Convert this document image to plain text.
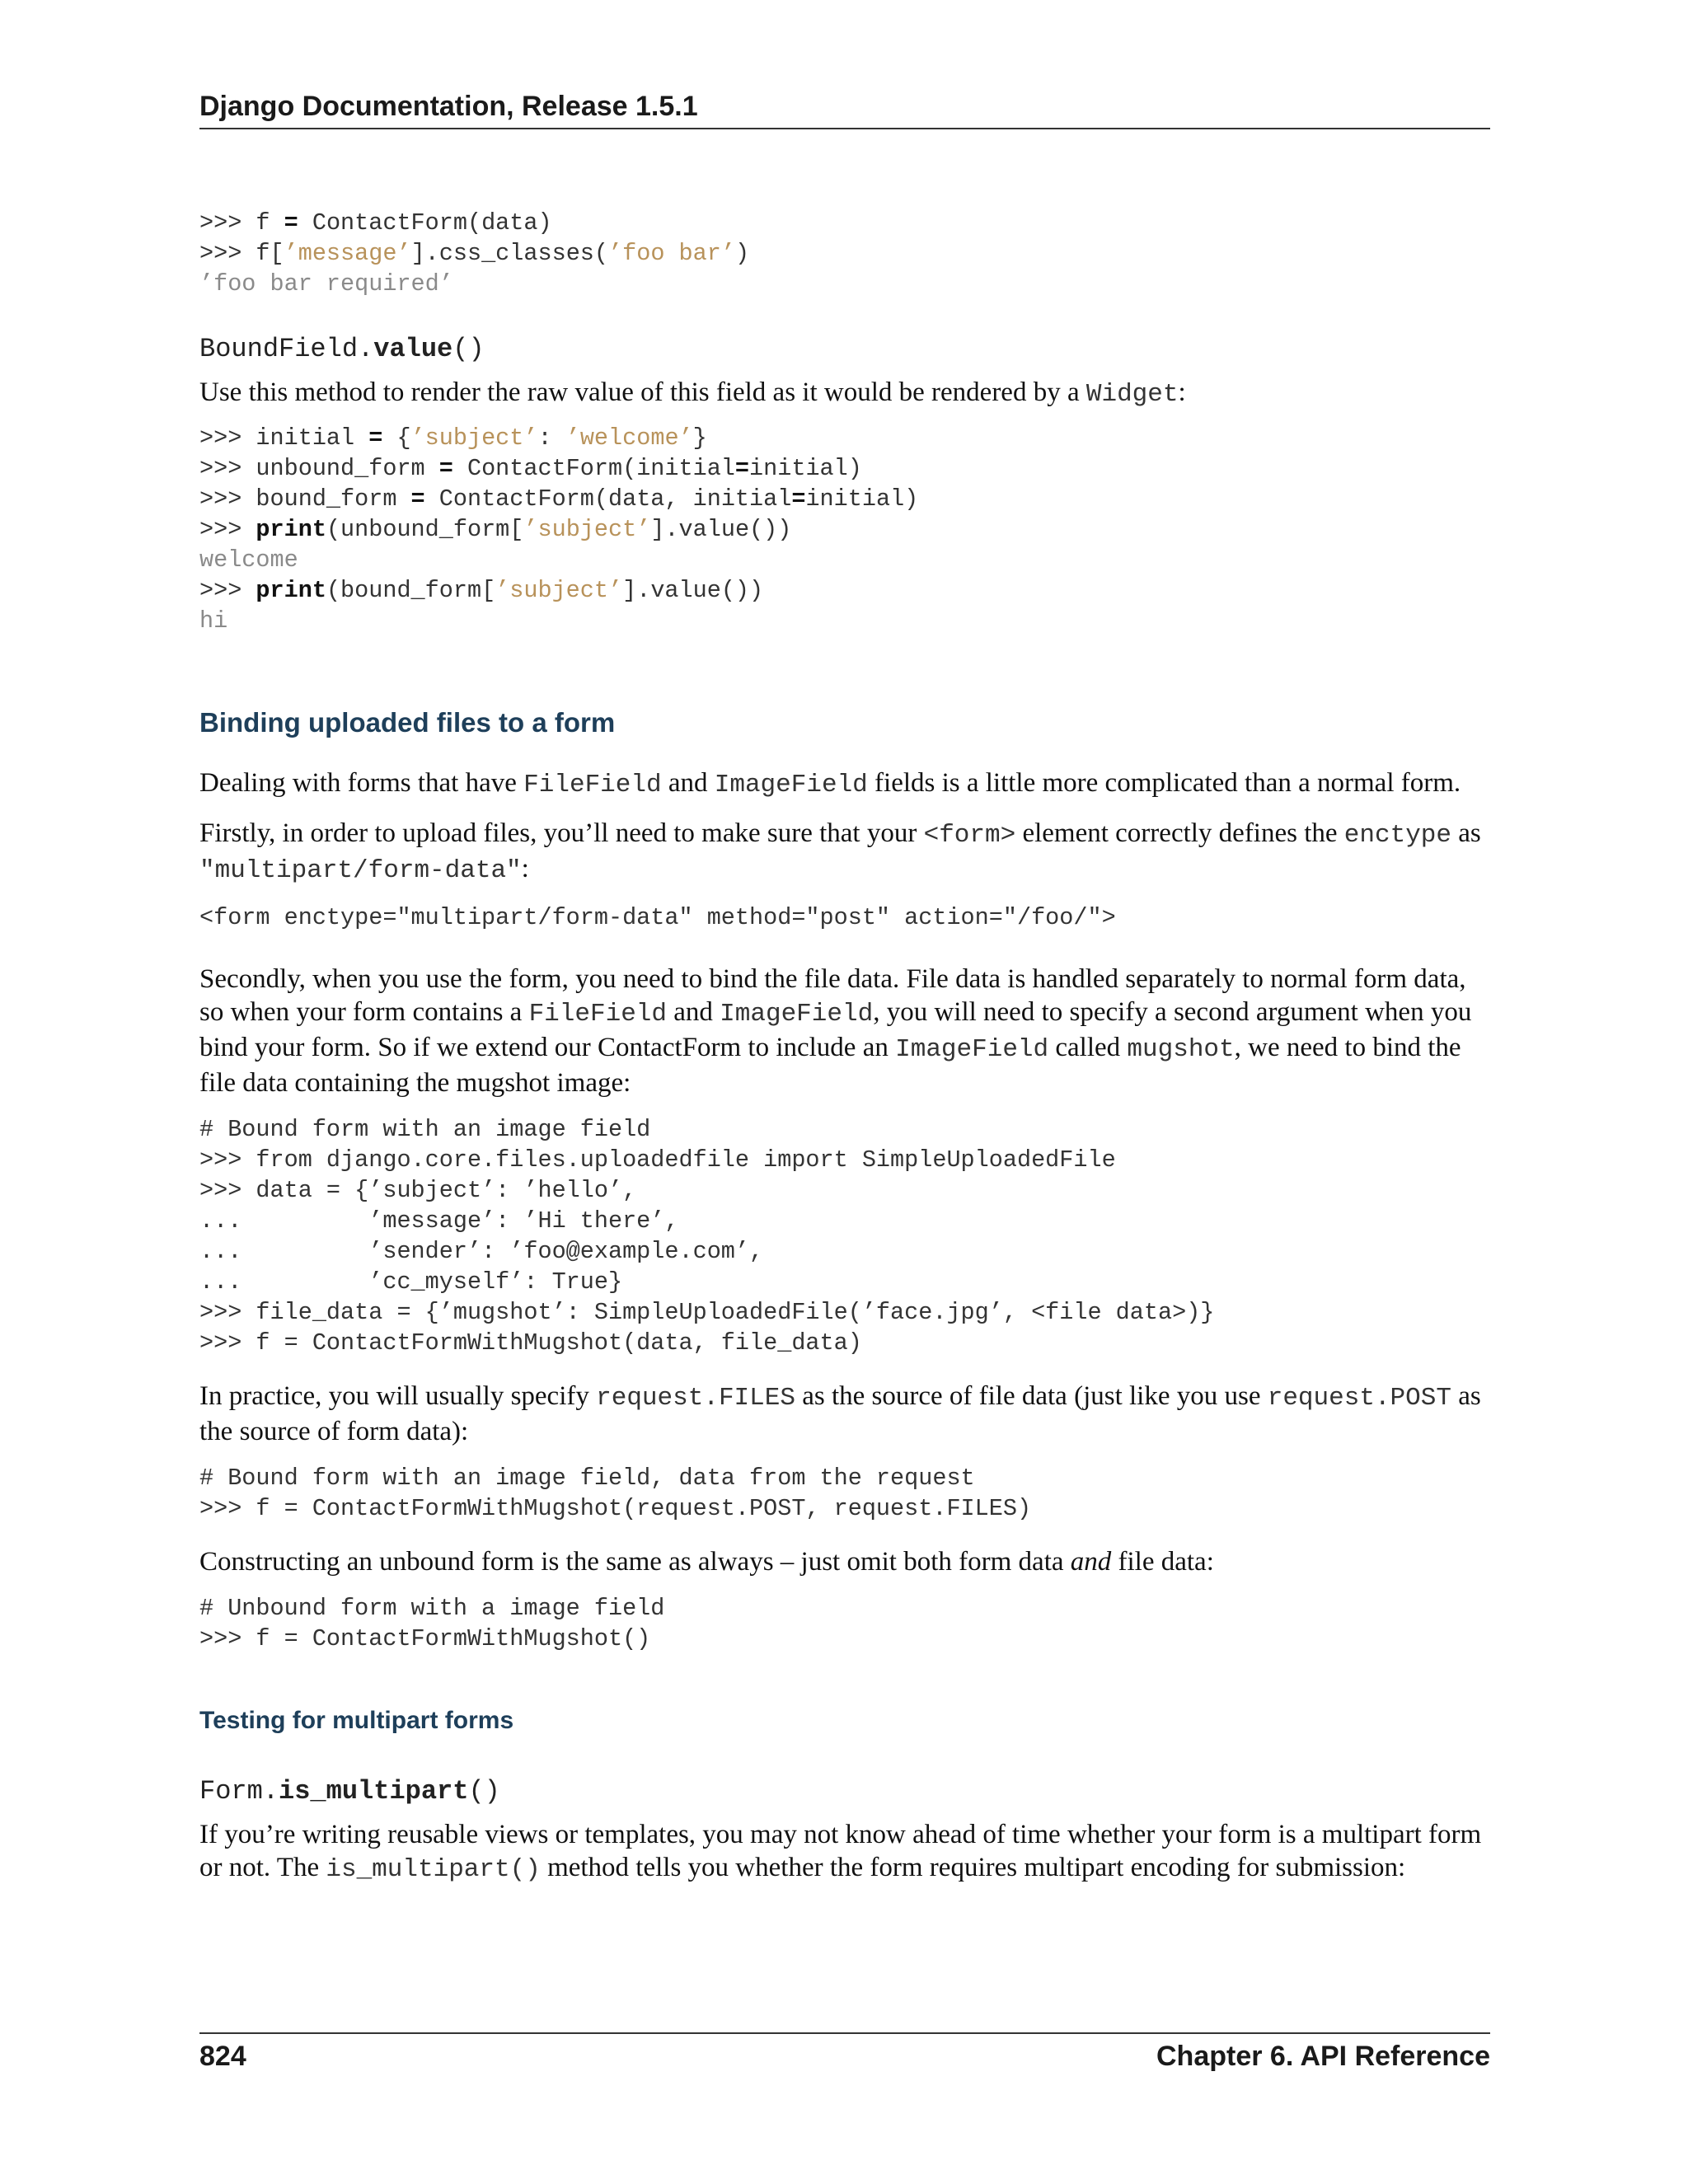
Django Documentation, Release 1.5.1
>>> f = ContactForm(data)
>>> f[’message’].css_classes(’foo bar’)
’foo bar required’
BoundField.value()

Use this method to render the raw value of this field as it would be rendered by a Widget:

>>> initial = {’subject’: ’welcome’}
>>> unbound_form = ContactForm(initial=initial)
>>> bound_form = ContactForm(data, initial=initial)
>>> print(unbound_form[’subject’].value())
welcome
>>> print(bound_form[’subject’].value())
hi
Binding uploaded files to a form

Dealing with forms that have FileField and ImageField fields is a little more complicated than a normal form.

Firstly, in order to upload files, you’ll need to make sure that your <form> element correctly defines the enctype as "multipart/form-data":

<form enctype="multipart/form-data" method="post" action="/foo/">

Secondly, when you use the form, you need to bind the file data. File data is handled separately to normal form data, so when your form contains a FileField and ImageField, you will need to specify a second argument when you bind your form. So if we extend our ContactForm to include an ImageField called mugshot, we need to bind the file data containing the mugshot image:

# Bound form with an image field
>>> from django.core.files.uploadedfile import SimpleUploadedFile
>>> data = {’subject’: ’hello’,
...         ’message’: ’Hi there’,
...         ’sender’: ’foo@example.com’,
...         ’cc_myself’: True}
>>> file_data = {’mugshot’: SimpleUploadedFile(’face.jpg’, <file data>)}
>>> f = ContactFormWithMugshot(data, file_data)

In practice, you will usually specify request.FILES as the source of file data (just like you use request.POST as the source of form data):

# Bound form with an image field, data from the request
>>> f = ContactFormWithMugshot(request.POST, request.FILES)

Constructing an unbound form is the same as always – just omit both form data and file data:

# Unbound form with a image field
>>> f = ContactFormWithMugshot()
Testing for multipart forms
Form.is_multipart()

If you’re writing reusable views or templates, you may not know ahead of time whether your form is a multipart form or not. The is_multipart() method tells you whether the form requires multipart encoding for submission:

824	Chapter 6. API Reference
